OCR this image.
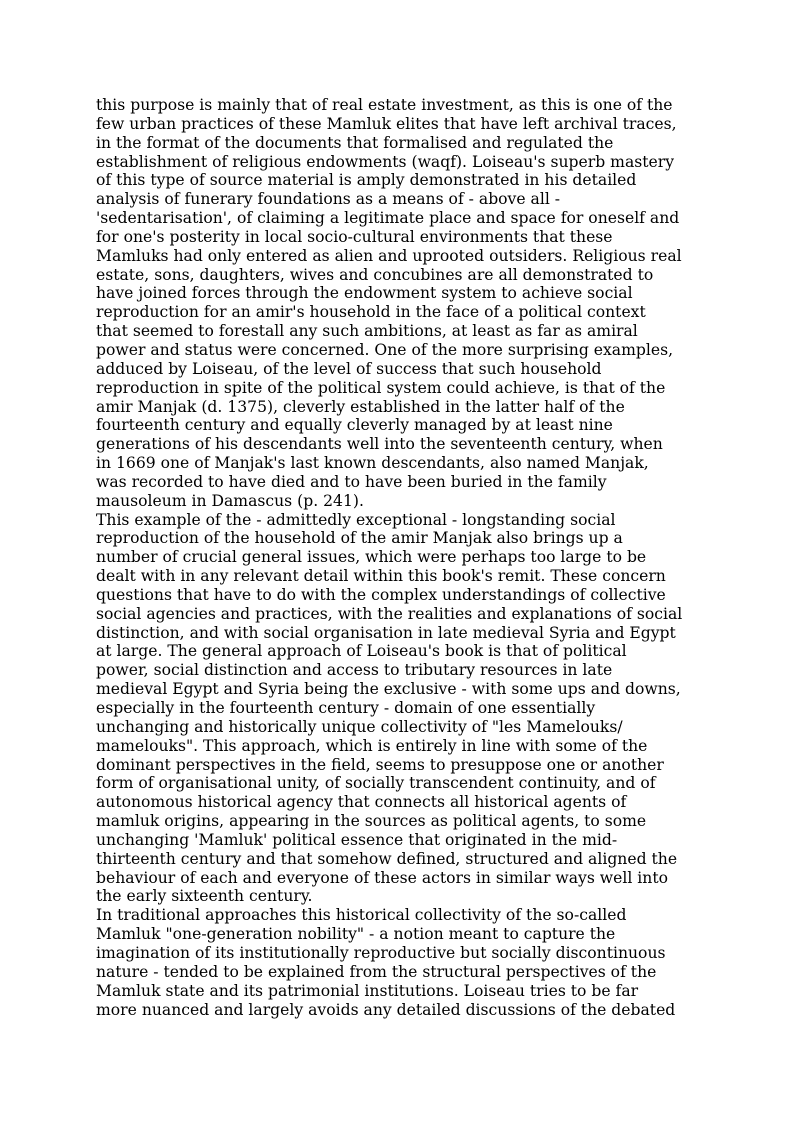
this purpose is mainly that of real estate investment, as this is one of the
few urban practices of these Mamluk elites that have left archival traces,
in the format of the documents that formalised and regulated the
establishment of religious endowments (waqf). Loiseau's superb mastery
of this type of source material is amply demonstrated in his detailed
analysis of funerary foundations as a means of - above all -
'sedentarisation', of claiming a legitimate place and space for oneself and
for one's posterity in local socio-cultural environments that these
Mamluks had only entered as alien and uprooted outsiders. Religious real
estate, sons, daughters, wives and concubines are all demonstrated to
have joined forces through the endowment system to achieve social
reproduction for an amir's household in the face of a political context
that seemed to forestall any such ambitions, at least as far as amiral
power and status were concerned. One of the more surprising examples,
adduced by Loiseau, of the level of success that such household
reproduction in spite of the political system could achieve, is that of the
amir Manjak (d. 1375), cleverly established in the latter half of the
fourteenth century and equally cleverly managed by at least nine
generations of his descendants well into the seventeenth century, when
in 1669 one of Manjak's last known descendants, also named Manjak,
was recorded to have died and to have been buried in the family
mausoleum in Damascus (p. 241).

This example of the - admittedly exceptional - longstanding social
reproduction of the household of the amir Manjak also brings up a
number of crucial general issues, which were perhaps too large to be
dealt with in any relevant detail within this book's remit. These concern
questions that have to do with the complex understandings of collective
social agencies and practices, with the realities and explanations of social
distinction, and with social organisation in late medieval Syria and Egypt
at large. The general approach of Loiseau's book is that of political
power, social distinction and access to tributary resources in late
medieval Egypt and Syria being the exclusive - with some ups and downs,
especially in the fourteenth century - domain of one essentially
unchanging and historically unique collectivity of "les Mamelouks/
mamelouks". This approach, which is entirely in line with some of the
dominant perspectives in the field, seems to presuppose one or another
form of organisational unity, of socially transcendent continuity, and of
autonomous historical agency that connects all historical agents of
mamluk origins, appearing in the sources as political agents, to some
unchanging 'Mamluk' political essence that originated in the mid-
thirteenth century and that somehow defined, structured and aligned the
behaviour of each and everyone of these actors in similar ways well into
the early sixteenth century.

In traditional approaches this historical collectivity of the so-called
Mamluk "one-generation nobility" - a notion meant to capture the
imagination of its institutionally reproductive but socially discontinuous
nature - tended to be explained from the structural perspectives of the
Mamluk state and its patrimonial institutions. Loiseau tries to be far
more nuanced and largely avoids any detailed discussions of the debated
